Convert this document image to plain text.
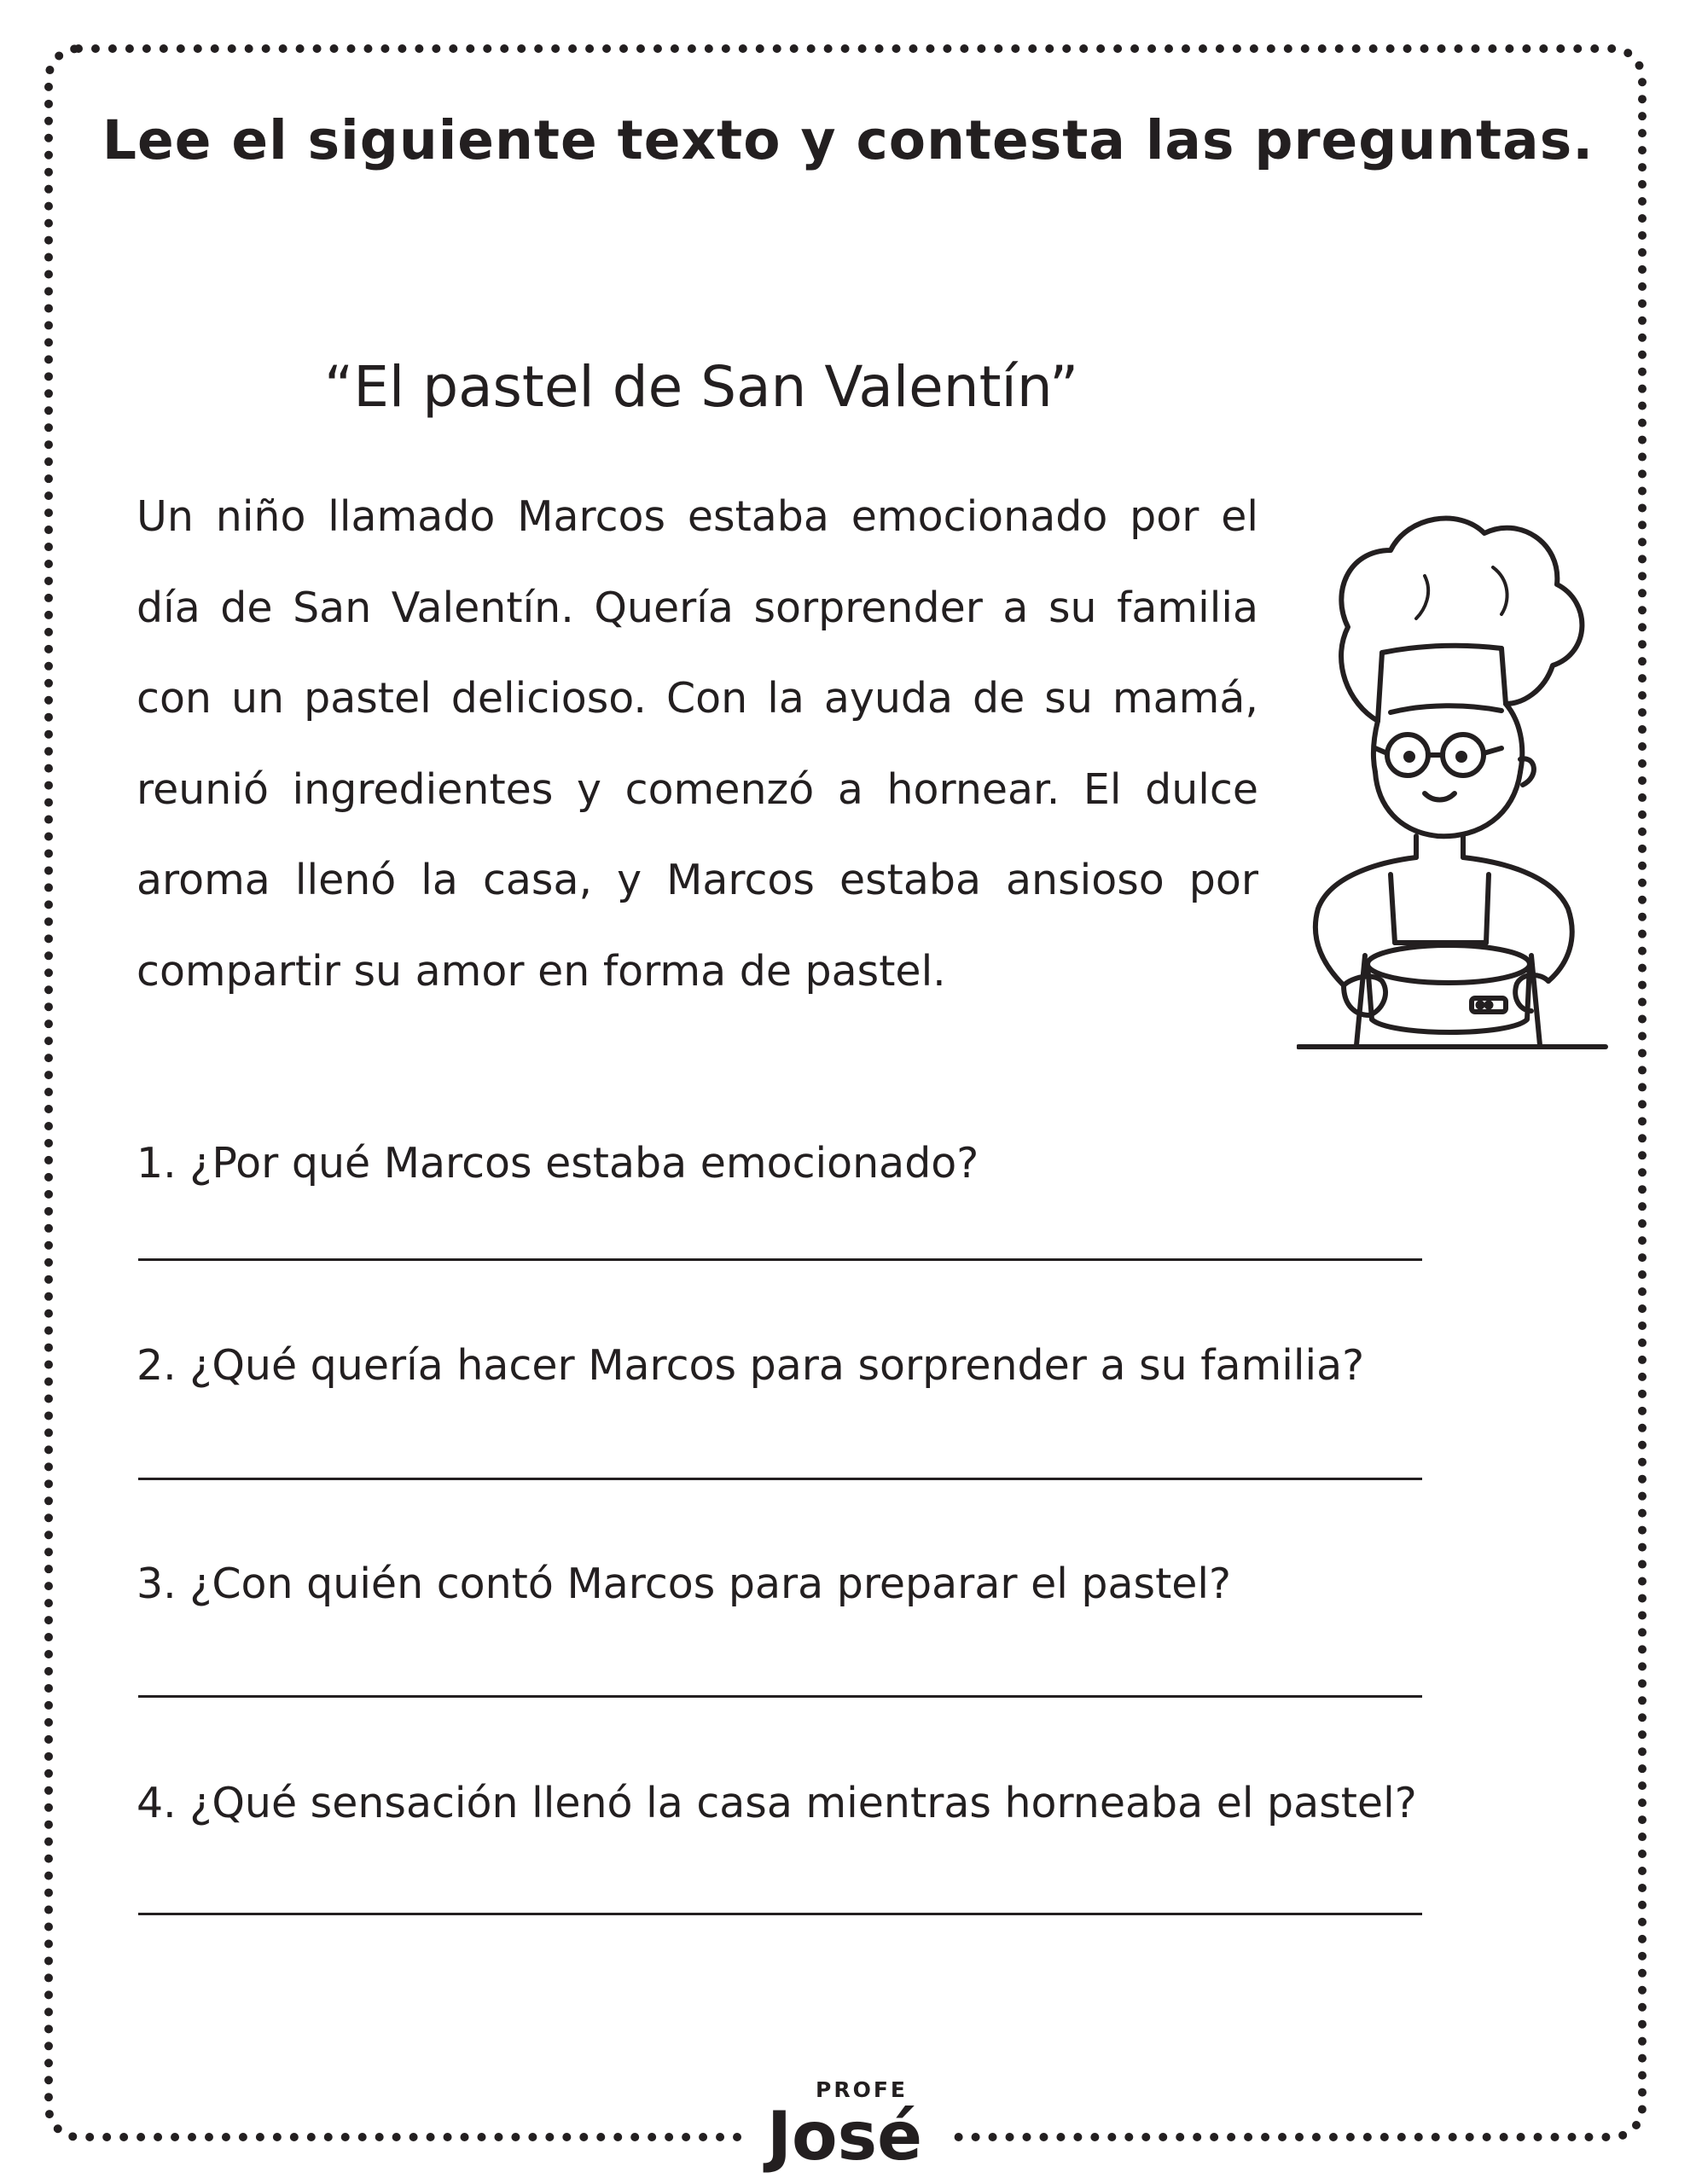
Lee el siguiente texto y contesta las preguntas.
“El pastel de San Valentín”

Un niño llamado Marcos estaba emocionado por el día de San Valentín. Quería sorprender a su familia con un pastel delicioso. Con la ayuda de su mamá, reunió ingredientes y comenzó a hornear. El dulce aroma llenó la casa, y Marcos estaba ansioso por compartir su amor en forma de pastel.

1. ¿Por qué Marcos estaba emocionado?
2. ¿Qué quería hacer Marcos para sorprender a su familia?
3. ¿Con quién contó Marcos para preparar el pastel?
4. ¿Qué sensación llenó la casa mientras horneaba el pastel?
PROFE
José
